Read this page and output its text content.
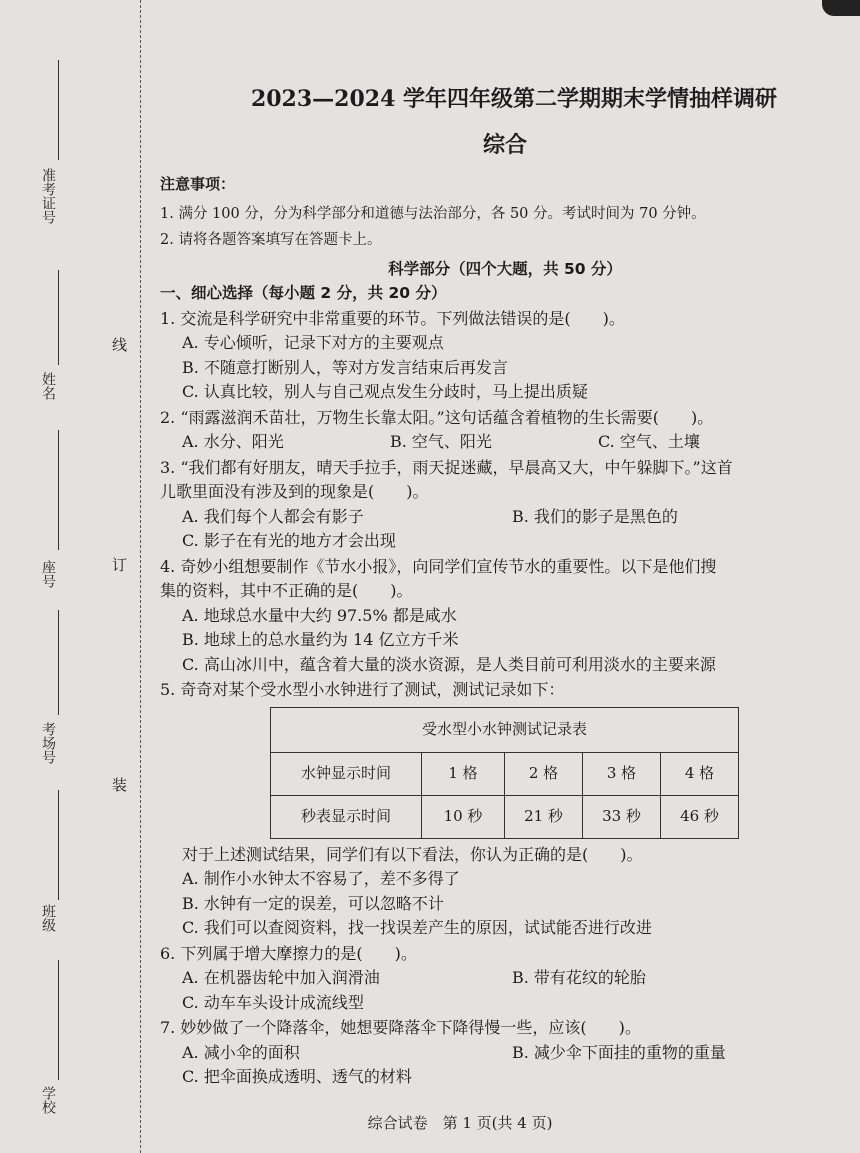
准考证号
姓名
座号
考场号
班级
学校
线
订
装
2023—2024 学年四年级第二学期期末学情抽样调研
综合
注意事项：
1. 满分 100 分，分为科学部分和道德与法治部分，各 50 分。考试时间为 70 分钟。
2. 请将各题答案填写在答题卡上。
科学部分（四个大题，共 50 分）
一、细心选择（每小题 2 分，共 20 分）
1. 交流是科学研究中非常重要的环节。下列做法错误的是(　　)。
A. 专心倾听，记录下对方的主要观点
B. 不随意打断别人，等对方发言结束后再发言
C. 认真比较，别人与自己观点发生分歧时，马上提出质疑
2. “雨露滋润禾苗壮，万物生长靠太阳。”这句话蕴含着植物的生长需要(　　)。
A. 水分、阳光	B. 空气、阳光	C. 空气、土壤
3. “我们都有好朋友，晴天手拉手，雨天捉迷藏，早晨高又大，中午躲脚下。”这首
儿歌里面没有涉及到的现象是(　　)。
A. 我们每个人都会有影子	B. 我们的影子是黑色的
C. 影子在有光的地方才会出现
4. 奇妙小组想要制作《节水小报》，向同学们宣传节水的重要性。以下是他们搜
集的资料，其中不正确的是(　　)。
A. 地球总水量中大约 97.5% 都是咸水
B. 地球上的总水量约为 14 亿立方千米
C. 高山冰川中，蕴含着大量的淡水资源，是人类目前可利用淡水的主要来源
5. 奇奇对某个受水型小水钟进行了测试，测试记录如下：
受水型小水钟测试记录表				
水钟显示时间	1 格	2 格	3 格	4 格
秒表显示时间	10 秒	21 秒	33 秒	46 秒
对于上述测试结果，同学们有以下看法，你认为正确的是(　　)。
A. 制作小水钟太不容易了，差不多得了
B. 水钟有一定的误差，可以忽略不计
C. 我们可以查阅资料，找一找误差产生的原因，试试能否进行改进
6. 下列属于增大摩擦力的是(　　)。
A. 在机器齿轮中加入润滑油	B. 带有花纹的轮胎
C. 动车车头设计成流线型
7. 妙妙做了一个降落伞，她想要降落伞下降得慢一些，应该(　　)。
A. 减小伞的面积	B. 减少伞下面挂的重物的重量
C. 把伞面换成透明、透气的材料
综合试卷　第 1 页(共 4 页)
